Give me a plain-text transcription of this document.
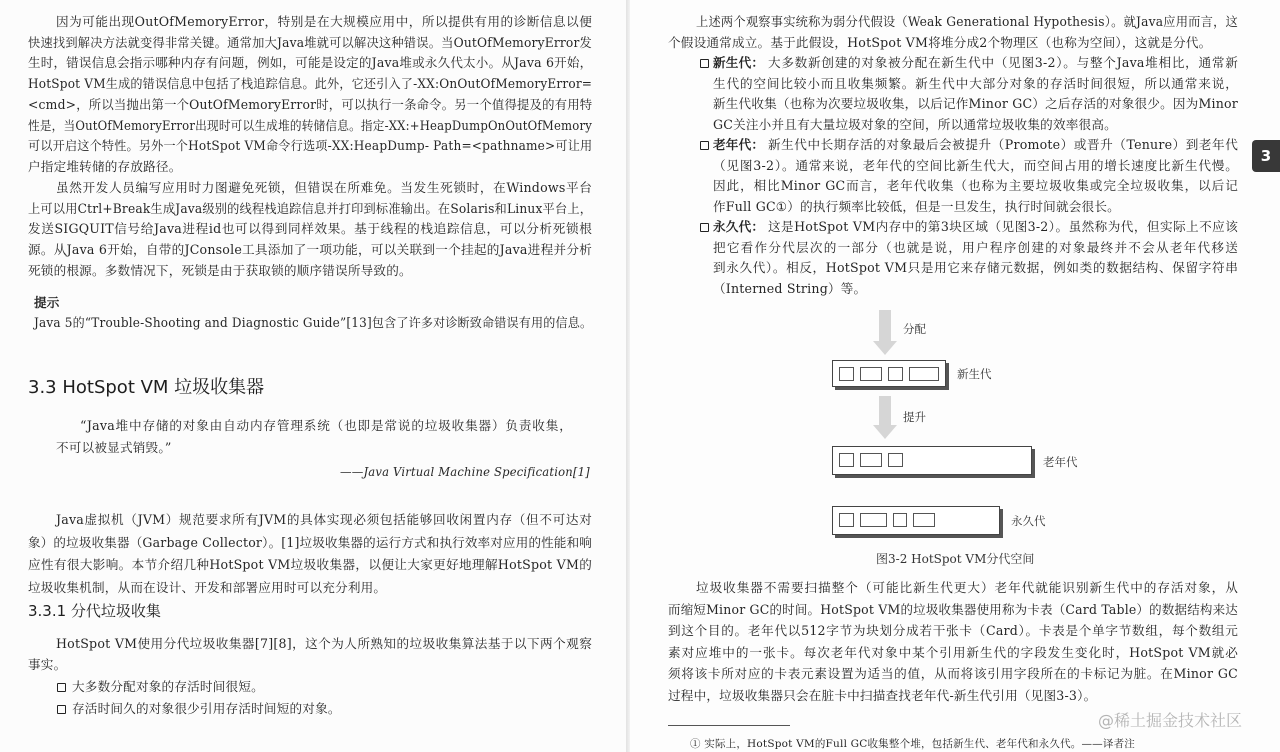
因为可能出现OutOfMemoryError，特别是在大规模应用中，所以提供有用的诊断信息以便
快速找到解决方法就变得非常关键。通常加大Java堆就可以解决这种错误。当OutOfMemoryError发
生时，错误信息会指示哪种内存有问题，例如，可能是设定的Java堆或永久代太小。从Java 6开始，
HotSpot VM生成的错误信息中包括了栈追踪信息。此外，它还引入了-XX:OnOutOfMemoryError=
<cmd>，所以当抛出第一个OutOfMemoryError时，可以执行一条命令。另一个值得提及的有用特
性是，当OutOfMemoryError出现时可以生成堆的转储信息。指定-XX:+HeapDumpOnOutOfMemory
可以开启这个特性。另外一个HotSpot VM命令行选项-XX:HeapDump- Path=<pathname>可让用
户指定堆转储的存放路径。
虽然开发人员编写应用时力图避免死锁，但错误在所难免。当发生死锁时，在Windows平台
上可以用Ctrl+Break生成Java级别的线程栈追踪信息并打印到标准输出。在Solaris和Linux平台上，
发送SIGQUIT信号给Java进程id也可以得到同样效果。基于线程的栈追踪信息，可以分析死锁根
源。从Java 6开始，自带的JConsole工具添加了一项功能，可以关联到一个挂起的Java进程并分析
死锁的根源。多数情况下，死锁是由于获取锁的顺序错误所导致的。
提示
Java 5的“Trouble-Shooting and Diagnostic Guide”[13]包含了许多对诊断致命错误有用的信息。
3.3 HotSpot VM 垃圾收集器
“Java堆中存储的对象由自动内存管理系统（也即是常说的垃圾收集器）负责收集，
不可以被显式销毁。”
——Java Virtual Machine Specification[1]
Java虚拟机（JVM）规范要求所有JVM的具体实现必须包括能够回收闲置内存（但不可达对
象）的垃圾收集器（Garbage Collector）。[1]垃圾收集器的运行方式和执行效率对应用的性能和响
应性有很大影响。本节介绍几种HotSpot VM垃圾收集器，以便让大家更好地理解HotSpot VM的
垃圾收集机制，从而在设计、开发和部署应用时可以充分利用。
3.3.1 分代垃圾收集
HotSpot VM使用分代垃圾收集器[7][8]，这个为人所熟知的垃圾收集算法基于以下两个观察
事实。
大多数分配对象的存活时间很短。
存活时间久的对象很少引用存活时间短的对象。
上述两个观察事实统称为弱分代假设（Weak Generational Hypothesis）。就Java应用而言，这
个假设通常成立。基于此假设，HotSpot VM将堆分成2个物理区（也称为空间），这就是分代。
新生代： 大多数新创建的对象被分配在新生代中（见图3-2）。与整个Java堆相比，通常新
生代的空间比较小而且收集频繁。新生代中大部分对象的存活时间很短，所以通常来说，
新生代收集（也称为次要垃圾收集，以后记作Minor GC）之后存活的对象很少。因为Minor
GC关注小并且有大量垃圾对象的空间，所以通常垃圾收集的效率很高。
老年代： 新生代中长期存活的对象最后会被提升（Promote）或晋升（Tenure）到老年代
（见图3-2）。通常来说，老年代的空间比新生代大，而空间占用的增长速度比新生代慢。
因此，相比Minor GC而言，老年代收集（也称为主要垃圾收集或完全垃圾收集，以后记
作Full GC①）的执行频率比较低，但是一旦发生，执行时间就会很长。
永久代： 这是HotSpot VM内存中的第3块区域（见图3-2）。虽然称为代，但实际上不应该
把它看作分代层次的一部分（也就是说，用户程序创建的对象最终并不会从老年代移送
到永久代）。相反，HotSpot VM只是用它来存储元数据，例如类的数据结构、保留字符串
（Interned String）等。
垃圾收集器不需要扫描整个（可能比新生代更大）老年代就能识别新生代中的存活对象，从
而缩短Minor GC的时间。HotSpot VM的垃圾收集器使用称为卡表（Card Table）的数据结构来达
到这个目的。老年代以512字节为块划分成若干张卡（Card）。卡表是个单字节数组，每个数组元
素对应堆中的一张卡。每次老年代对象中某个引用新生代的字段发生变化时，HotSpot VM就必
须将该卡所对应的卡表元素设置为适当的值，从而将该引用字段所在的卡标记为脏。在Minor GC
过程中，垃圾收集器只会在脏卡中扫描查找老年代-新生代引用（见图3-3）。
① 实际上，HotSpot VM的Full GC收集整个堆，包括新生代、老年代和永久代。——译者注
3
分配
新生代
提升
老年代
永久代
图3-2 HotSpot VM分代空间
@稀土掘金技术社区
